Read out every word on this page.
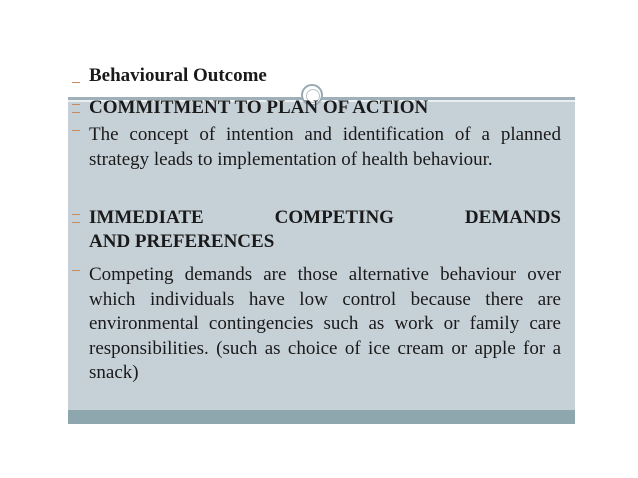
Behavioural Outcome
COMMITMENT TO PLAN OF ACTION
The concept of intention and identification of a planned strategy leads to implementation of health behaviour.
IMMEDIATE COMPETING DEMANDS
AND PREFERENCES
Competing demands are those alternative behaviour over which individuals have low control because there are environmental contingencies such as work or family care responsibilities. (such as choice of ice cream or apple for a snack)
